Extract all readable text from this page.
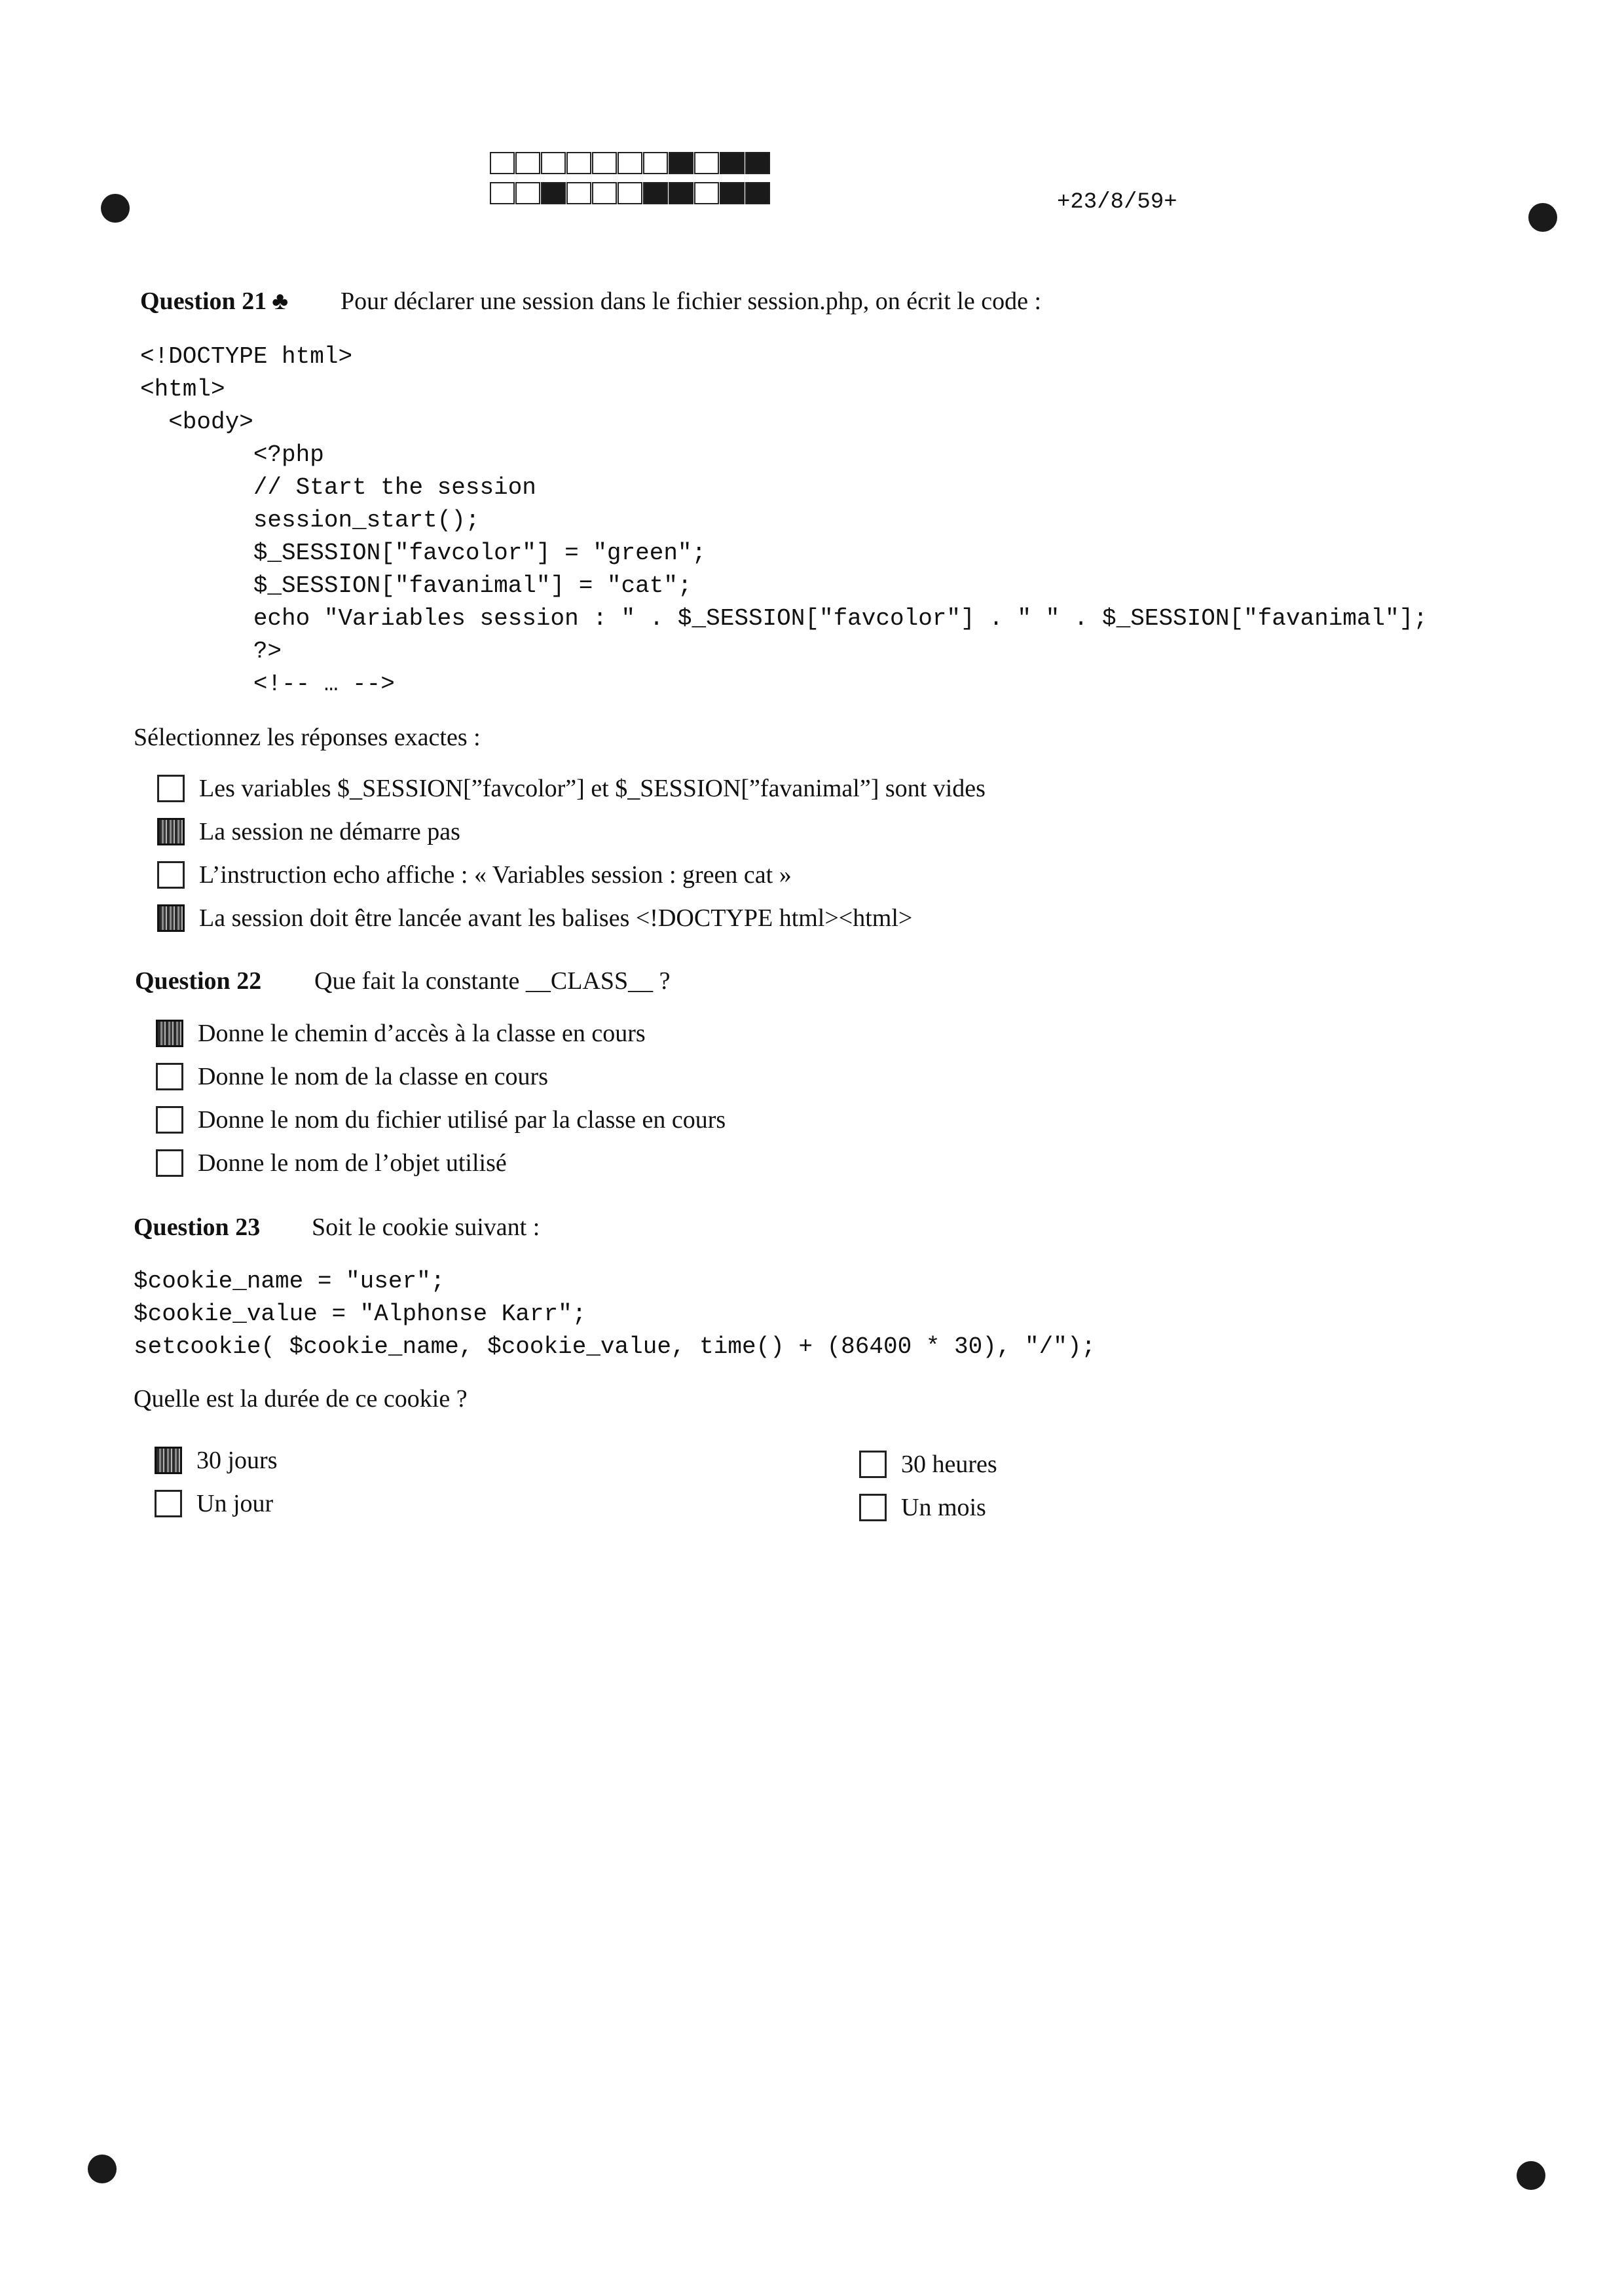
+23/8/59+
Question 21 ♣ Pour déclarer une session dans le fichier session.php, on écrit le code :
<!DOCTYPE html>
<html>
<body>
<?php
// Start the session
session_start();
$_SESSION["favcolor"] = "green";
$_SESSION["favanimal"] = "cat";
echo "Variables session : " . $_SESSION["favcolor"] . " " . $_SESSION["favanimal"];
?>
<!-- … -->
Sélectionnez les réponses exactes :
Les variables $_SESSION[”favcolor”] et $_SESSION[”favanimal”] sont vides
La session ne démarre pas
L’instruction echo affiche : « Variables session : green cat »
La session doit être lancée avant les balises <!DOCTYPE html><html>
Question 22 Que fait la constante __CLASS__ ?
Donne le chemin d’accès à la classe en cours
Donne le nom de la classe en cours
Donne le nom du fichier utilisé par la classe en cours
Donne le nom de l’objet utilisé
Question 23 Soit le cookie suivant :
$cookie_name = "user";
$cookie_value = "Alphonse Karr";
setcookie( $cookie_name, $cookie_value, time() + (86400 * 30), "/");
Quelle est la durée de ce cookie ?
30 jours
Un jour
30 heures
Un mois
